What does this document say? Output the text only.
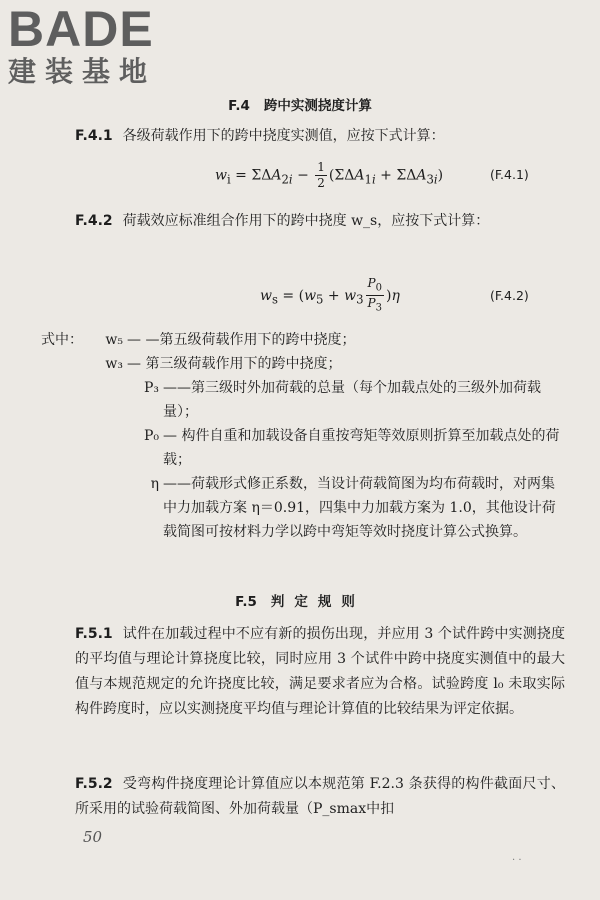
BADE
建装基地
F.4 跨中实测挠度计算
F.4.1 各级荷载作用下的跨中挠度实测值，应按下式计算：
$w_i = \Sigma\Delta A_{2i} - \frac{1}{2} (\Sigma\Delta A_{1i} + \Sigma\Delta A_{3i})$	(F.4.1)
F.4.2 荷载效应标准组合作用下的跨中挠度 w_s，应按下式计算：
$w_s = (w_5 + w_3 \frac{P_0}{P_3} )\eta$	(F.4.2)
式中：	w₅ — —第五级荷载作用下的跨中挠度；
w₃ — 第三级荷载作用下的跨中挠度；
P₃ ——第三级时外加荷载的总量（每个加载点处的三级外加荷载量）；
P₀ — 构件自重和加载设备自重按弯矩等效原则折算至加载点处的荷载；
η ——荷载形式修正系数，当设计荷载简图为均布荷载时，对两集中力加载方案 η＝0.91，四集中力加载方案为 1.0，其他设计荷载简图可按材料力学以跨中弯矩等效时挠度计算公式换算。
F.5 判定规则
F.5.1 试件在加载过程中不应有新的损伤出现，并应用 3 个试件跨中实测挠度的平均值与理论计算挠度比较，同时应用 3 个试件中跨中挠度实测值中的最大值与本规范规定的允许挠度比较，满足要求者应为合格。试验跨度 l₀ 未取实际构件跨度时，应以实测挠度平均值与理论计算值的比较结果为评定依据。
F.5.2 受弯构件挠度理论计算值应以本规范第 F.2.3 条获得的构件截面尺寸、所采用的试验荷载简图、外加荷载量（P_smax中扣
50
. .
